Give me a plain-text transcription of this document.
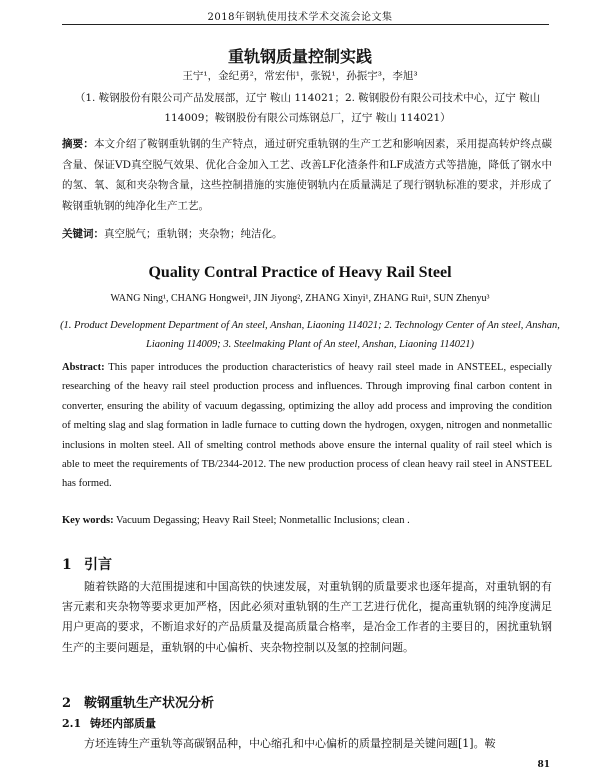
2018年钢轨使用技术学术交流会论文集
重轨钢质量控制实践
王宁¹，金纪勇²，常宏伟¹，张锐¹，孙振宇³，李旭³
（1. 鞍钢股份有限公司产品发展部，辽宁 鞍山 114021；2. 鞍钢股份有限公司技术中心，辽宁 鞍山 114009；鞍钢股份有限公司炼钢总厂，辽宁 鞍山 114021）
摘要：本文介绍了鞍钢重轨钢的生产特点，通过研究重轨钢的生产工艺和影响因素，采用提高转炉终点碳含量、保证VD真空脱气效果、优化合金加入工艺、改善LF化渣条件和LF成渣方式等措施，降低了钢水中的氢、氧、氮和夹杂物含量，这些控制措施的实施使钢轨内在质量满足了现行钢轨标准的要求，并形成了鞍钢重轨钢的纯净化生产工艺。
关键词：真空脱气；重轨钢；夹杂物；纯洁化。
Quality Contral Practice of Heavy Rail Steel
WANG Ning¹, CHANG Hongwei¹, JIN Jiyong², ZHANG Xinyi¹, ZHANG Rui¹, SUN Zhenyu³
(1. Product Development Department of An steel, Anshan, Liaoning 114021; 2. Technology Center of An steel, Anshan, Liaoning 114009; 3. Steelmaking Plant of An steel, Anshan, Liaoning 114021)
Abstract: This paper introduces the production characteristics of heavy rail steel made in ANSTEEL, especially researching of the heavy rail steel production process and influences. Through improving final carbon content in converter, ensuring the ability of vacuum degassing, optimizing the alloy add process and improving the condition of melting slag and slag formation in ladle furnace to cutting down the hydrogen, oxygen, nitrogen and nonmetallic inclusions in molten steel. All of smelting control methods above ensure the internal quality of rail steel which is able to meet the requirements of TB/2344-2012. The new production process of clean heavy rail steel in ANSTEEL has formed.
Key words: Vacuum Degassing; Heavy Rail Steel; Nonmetallic Inclusions; clean .
1 引言
随着铁路的大范围提速和中国高铁的快速发展，对重轨钢的质量要求也逐年提高，对重轨钢的有害元素和夹杂物等要求更加严格，因此必须对重轨钢的生产工艺进行优化，提高重轨钢的纯净度满足用户更高的要求，不断追求好的产品质量及提高质量合格率，是冶金工作者的主要目的，困扰重轨钢生产的主要问题是，重轨钢的中心偏析、夹杂物控制以及氢的控制问题。
2 鞍钢重轨生产状况分析
2.1 铸坯内部质量
方坯连铸生产重轨等高碳钢品种，中心缩孔和中心偏析的质量控制是关键问题[1]。鞍
81
